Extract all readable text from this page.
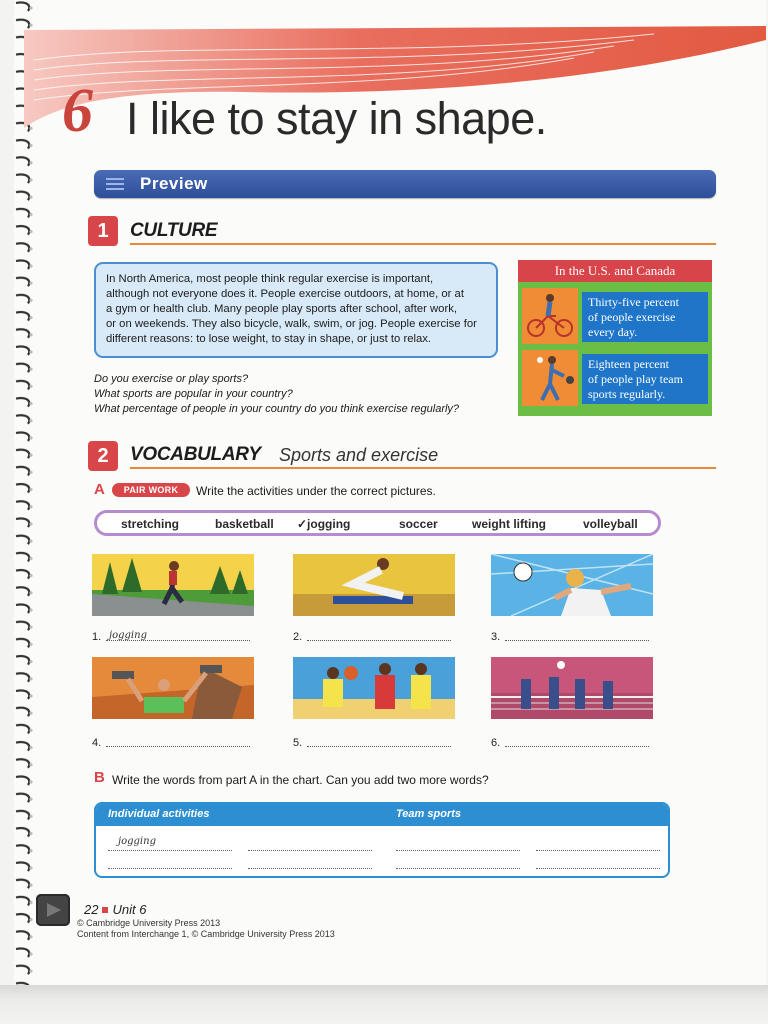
6 I like to stay in shape.
Preview
1	CULTURE
In North America, most people think regular exercise is important,
although not everyone does it. People exercise outdoors, at home, or at
a gym or health club. Many people play sports after school, after work,
or on weekends. They also bicycle, walk, swim, or jog. People exercise for
different reasons: to lose weight, to stay in shape, or just to relax.
Do you exercise or play sports?
What sports are popular in your country?
What percentage of people in your country do you think exercise regularly?
In the U.S. and Canada
Thirty-five percent
of people exercise
every day.
Eighteen percent
of people play team
sports regularly.
2	VOCABULARY Sports and exercise
A	PAIR WORK	Write the activities under the correct pictures.
stretching	basketball ✓jogging	soccer	weight lifting	volleyball
1. jogging	2.	3.
4.	5.	6.
B Write the words from part A in the chart. Can you add two more words?
Individual activities	Team sports
jogging
22 Unit 6
© Cambridge University Press 2013
Content from Interchange 1, © Cambridge University Press 2013
